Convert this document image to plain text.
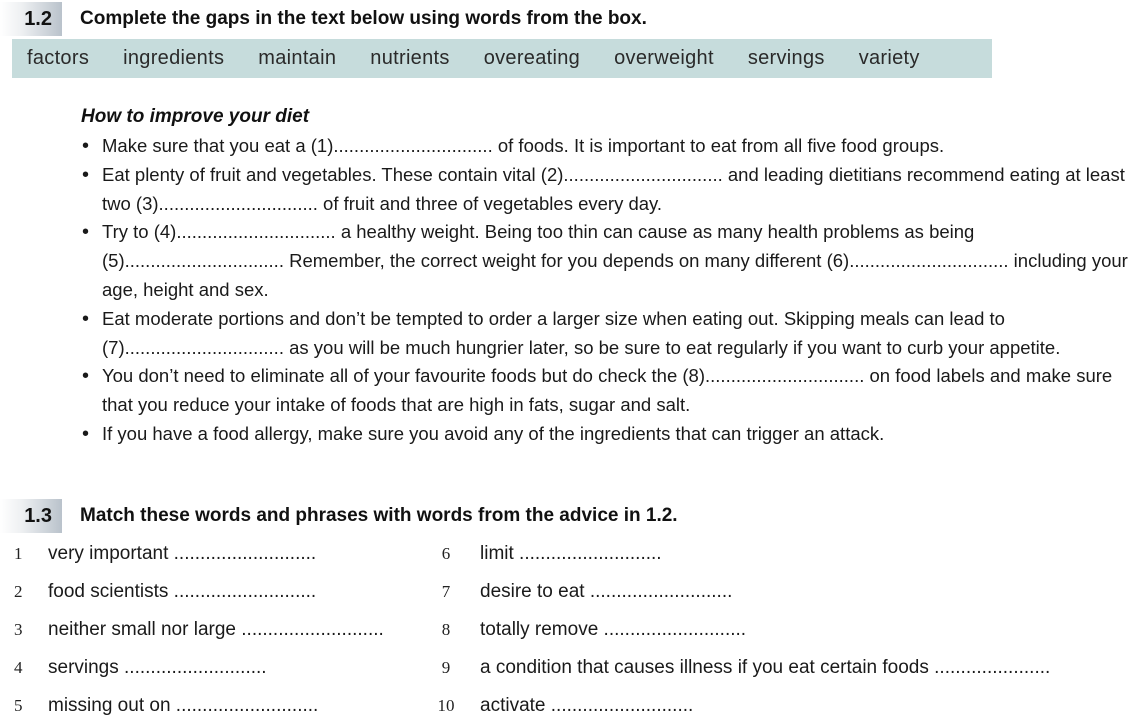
1.2	Complete the gaps in the text below using words from the box.
factors ingredients maintain nutrients overeating overweight servings variety
How to improve your diet
• Make sure that you eat a (1)............................... of foods. It is important to eat from all five food groups.
• Eat plenty of fruit and vegetables. These contain vital (2)............................... and leading dietitians recommend eating at least two (3)............................... of fruit and three of vegetables every day.
• Try to (4)............................... a healthy weight. Being too thin can cause as many health problems as being (5)............................... Remember, the correct weight for you depends on many different (6)............................... including your age, height and sex.
• Eat moderate portions and don’t be tempted to order a larger size when eating out. Skipping meals can lead to (7)............................... as you will be much hungrier later, so be sure to eat regularly if you want to curb your appetite.
• You don’t need to eliminate all of your favourite foods but do check the (8)............................... on food labels and make sure that you reduce your intake of foods that are high in fats, sugar and salt.
• If you have a food allergy, make sure you avoid any of the ingredients that can trigger an attack.
1.3	Match these words and phrases with words from the advice in 1.2.
1	very important ...........................
2	food scientists ...........................
3	neither small nor large ...........................
4	servings ...........................
5	missing out on ...........................
6	limit ...........................
7	desire to eat ...........................
8	totally remove ...........................
9	a condition that causes illness if you eat certain foods ......................
10	activate ...........................
